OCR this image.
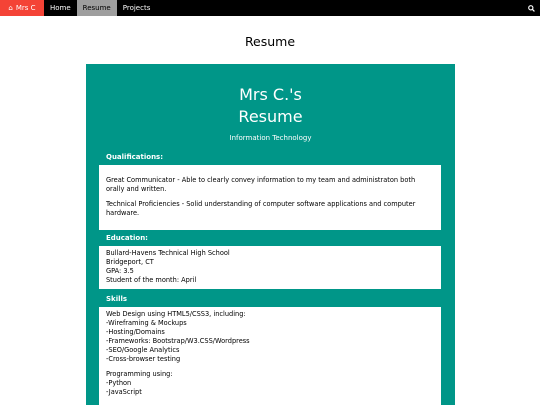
⌂ Mrs C	Home	Resume	Projects
Resume
Mrs C.'s
Resume
Information Technology
Qualifications:

Great Communicator - Able to clearly convey information to my team and administraton both orally and written.

Technical Proficiencies - Solid understanding of computer software applications and computer hardware.

Education:

Bullard-Havens Technical High School

Bridgeport, CT

GPA: 3.5

Student of the month: April

Skills

Web Design using HTML5/CSS3, including:

-Wireframing & Mockups

-Hosting/Domains

-Frameworks: Bootstrap/W3.CSS/Wordpress

-SEO/Google Analytics

-Cross-browser testing

Programming using:

-Python

-JavaScript
